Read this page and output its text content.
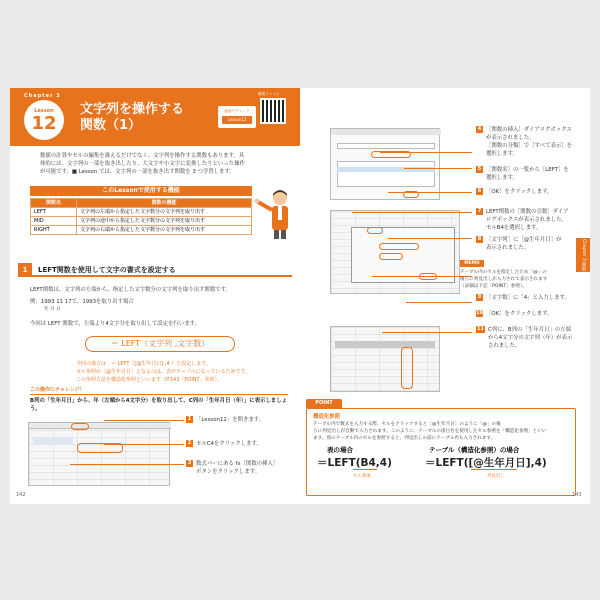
Chapter 3
Lesson
12
文字列を操作する
関数（1）
動画でチェック
Lesson12
練習ファイル
数値の計算やセルの編集を扱えるだけでなく、文字列を操作する関数もあります。具
体的には、文字列の一部を抜き出したり、大文字や小文字に変換したりといった操作
が可能です。■ Lesson では、文字列の一部を抜き出す関数を 3 つ学習します。
このLessonで使用する機能
関数名	関数の機能
LEFT	文字列の左端から指定した文字数分の文字列を取り出す
MID	文字列の途中から指定した文字数分の文字列を取り出す
RIGHT	文字列の右端から指定した文字数分の文字列を取り出す
1	LEFT関数を使用して文字の書式を設定する
LEFT関数は、文字列の左端から、指定した文字数分の文字列を取り出す関数です。
例：1993 11 17で、1993を取り出す場合
年 月 日
今回は LEFT 関数で、左端より4文字分を取り出して設定を行います。
＝ LEFT（文字列 ,文字数）
今回の場合は　＝ LEFT（[@生年月日] ,4 ）と設定します。
セル参照が［@生年月日］となるのは、表がテーブルになっているためです。
この参照方法を構造化参照といいます（P.143「POINT」参照）。
この操作にチャレンジ！
B列の「生年月日」から、年（左端から4文字分）を取り出して、C列の「生年月日（年）」に表示しましょう。
1 「Lesson12」を開きます。
2 セルC4をクリックします。
3 数式バーにある fx［関数の挿入］
ボタンをクリックします。
142
4 ［関数の挿入］ダイアログボックス
が表示されました。
［関数の分類］で［すべて表示］を
選択します。
5 ［関数名］の一覧から［LEFT］を
選択します。
6 ［OK］をクリックします。
7 LEFT関数の［関数の引数］ダイア
ログボックスが表示されました。
セルB4を選択します。
8 ［文字列］に［@生年月日］が
表示されました。
MEMO
テーブル内のセルを指定したため「@」の
後ろに列見出しが入力されて表示されます
（詳細は下記「POINT」参照）。
9 ［文字数］に「4」と入力します。
10 ［OK］をクリックします。
11 C列に、B列の「生年月日」の左端
から4文字分の文字列（年）が表示
されました。
Chapter 3 関数
POINT
構造化参照
テーブル内で数式を入力する際、セルをクリックすると［@生年月日］のように「@」の後
ろに列見出しが自動で入力されます。このように、テーブルの項目名を使用したセル参照を「構造化参照」といい
ます。別のテーブル内のセルを参照すると、列見出しの前にテーブル名も入力されます。
表の場合
＝LEFT(B4,4)
セル番地
テーブル（構造化参照）の場合
＝LEFT([@生年月日],4)
列見出し
143
